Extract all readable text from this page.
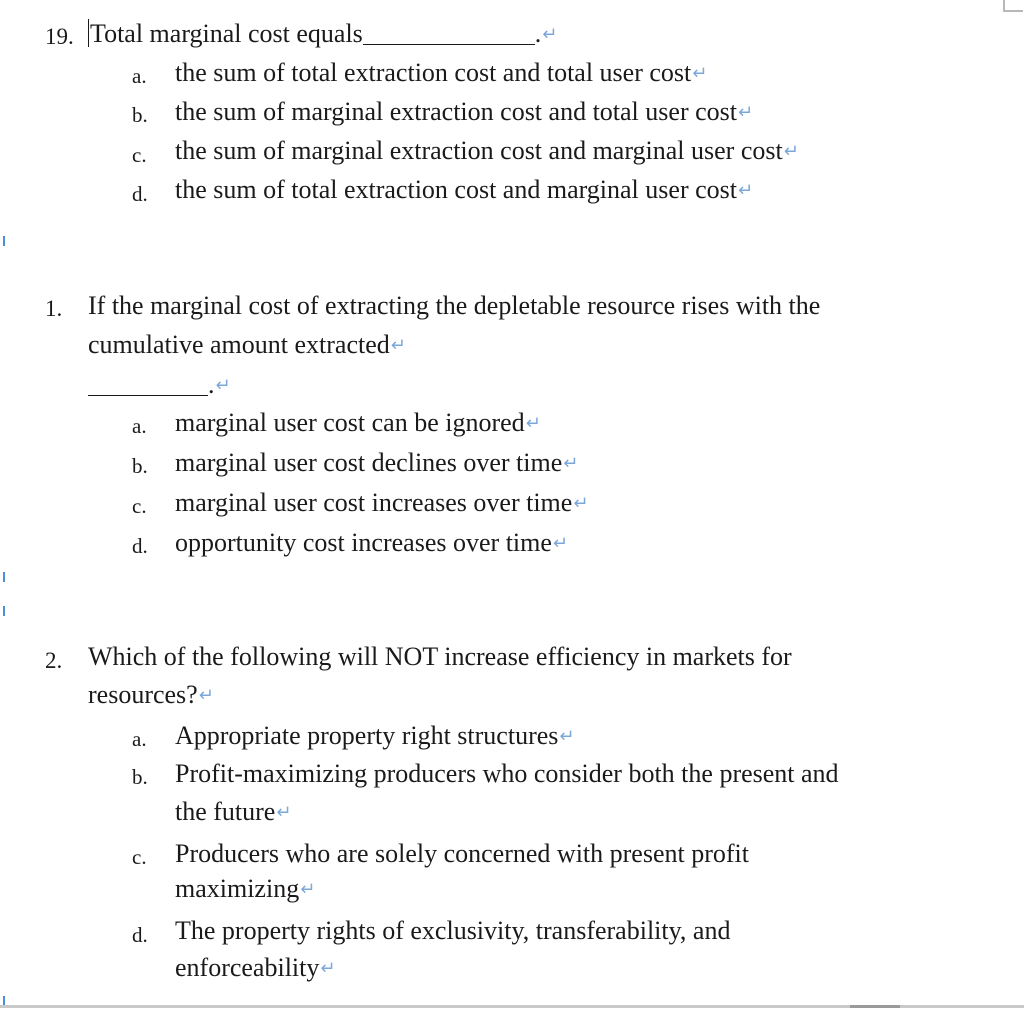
19. Total marginal cost equals	.↵
a. the sum of total extraction cost and total user cost↵
b. the sum of marginal extraction cost and total user cost↵
c. the sum of marginal extraction cost and marginal user cost↵
d. the sum of total extraction cost and marginal user cost↵
1. If the marginal cost of extracting the depletable resource rises with the
cumulative amount extracted↵
.↵
a. marginal user cost can be ignored↵
b. marginal user cost declines over time↵
c. marginal user cost increases over time↵
d. opportunity cost increases over time↵
2. Which of the following will NOT increase efficiency in markets for
resources?↵
a. Appropriate property right structures↵
b. Profit-maximizing producers who consider both the present and
the future↵
c. Producers who are solely concerned with present profit
maximizing↵
d. The property rights of exclusivity, transferability, and
enforceability↵
